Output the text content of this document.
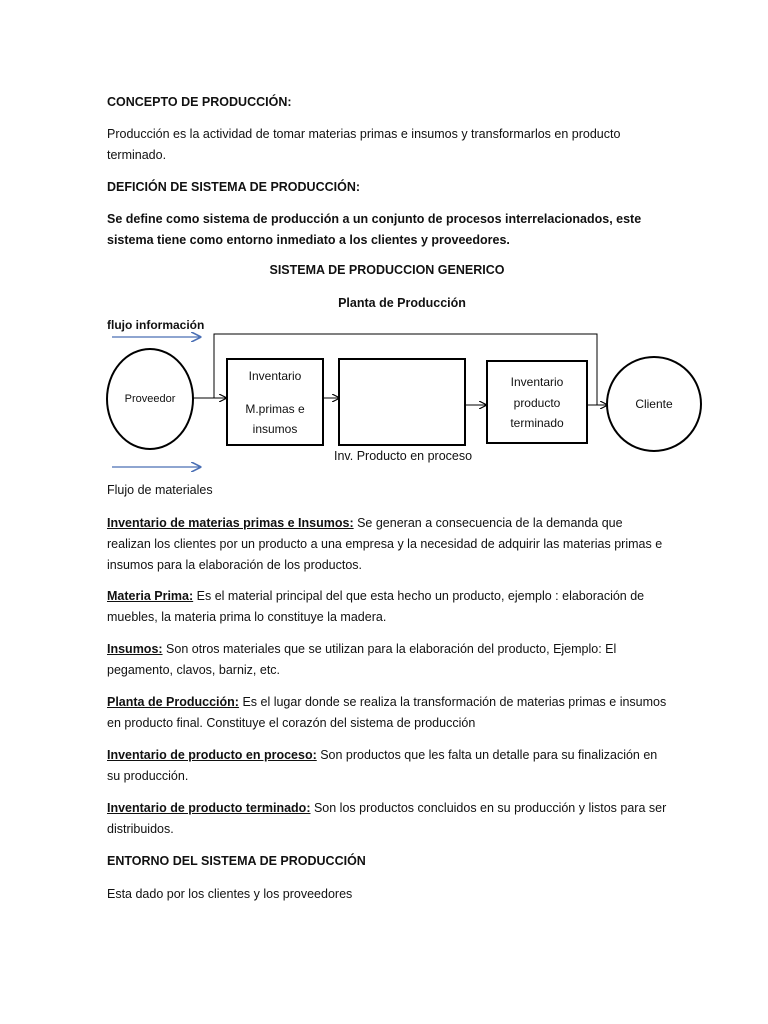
CONCEPTO DE PRODUCCIÓN:
Producción es la actividad de tomar materias primas e insumos y transformarlos en producto terminado.
DEFICIÓN DE SISTEMA DE PRODUCCIÓN:
Se define como sistema de producción a un conjunto de procesos interrelacionados, este sistema tiene como entorno inmediato a los clientes y proveedores.
SISTEMA DE PRODUCCION GENERICO
Planta de Producción
flujo información
Proveedor
Inventario
M.primas e
insumos
Inv. Producto en proceso
Inventario
producto
terminado
Cliente
Flujo de materiales
Inventario de materias primas e Insumos: Se generan a consecuencia de la demanda que realizan los clientes por un producto a una empresa y la necesidad de adquirir las materias primas e insumos para la elaboración de los productos.
Materia Prima: Es el material principal del que esta hecho un producto, ejemplo : elaboración de muebles, la materia prima lo constituye la madera.
Insumos: Son otros materiales que se utilizan para la elaboración del producto, Ejemplo: El pegamento, clavos, barniz, etc.
Planta de Producción: Es el lugar donde se realiza la transformación de materias primas e insumos en producto final. Constituye el corazón del sistema de producción
Inventario de producto en proceso: Son productos que les falta un detalle para su finalización en su producción.
Inventario de producto terminado: Son los productos concluidos en su producción y listos para ser distribuidos.
ENTORNO DEL SISTEMA DE PRODUCCIÓN
Esta dado por los clientes y los proveedores
